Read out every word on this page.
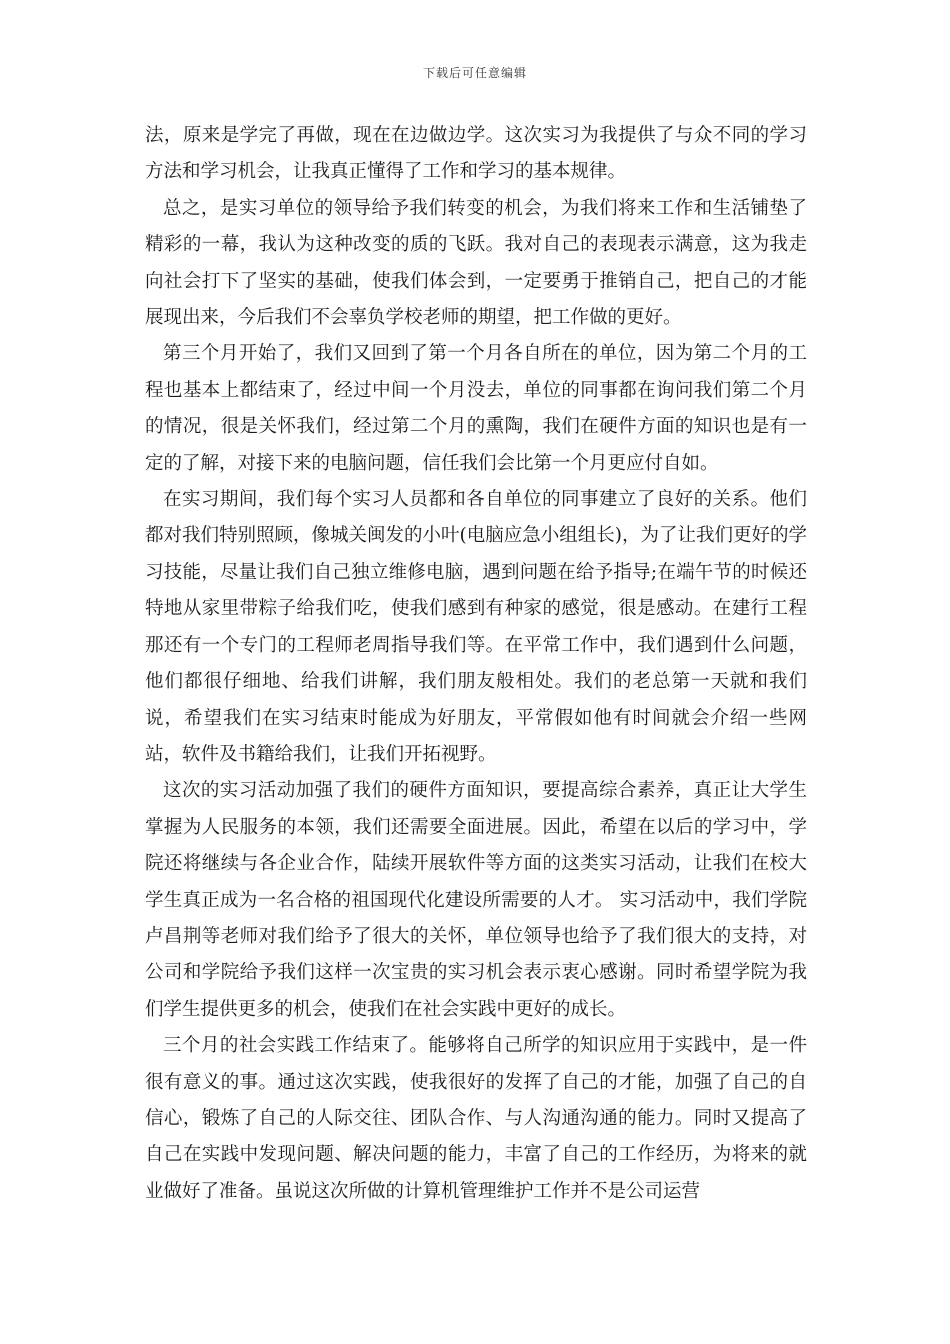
下载后可任意编辑

法，原来是学完了再做，现在在边做边学。这次实习为我提供了与众不同的学习方法和学习机会，让我真正懂得了工作和学习的基本规律。

总之，是实习单位的领导给予我们转变的机会，为我们将来工作和生活铺垫了精彩的一幕，我认为这种改变的质的飞跃。我对自己的表现表示满意，这为我走向社会打下了坚实的基础，使我们体会到，一定要勇于推销自己，把自己的才能展现出来，今后我们不会辜负学校老师的期望，把工作做的更好。

第三个月开始了，我们又回到了第一个月各自所在的单位，因为第二个月的工程也基本上都结束了，经过中间一个月没去，单位的同事都在询问我们第二个月的情况，很是关怀我们，经过第二个月的熏陶，我们在硬件方面的知识也是有一定的了解，对接下来的电脑问题，信任我们会比第一个月更应付自如。

在实习期间，我们每个实习人员都和各自单位的同事建立了良好的关系。他们都对我们特别照顾，像城关闽发的小叶(电脑应急小组组长)，为了让我们更好的学习技能，尽量让我们自己独立维修电脑，遇到问题在给予指导;在端午节的时候还特地从家里带粽子给我们吃，使我们感到有种家的感觉，很是感动。在建行工程那还有一个专门的工程师老周指导我们等。在平常工作中，我们遇到什么问题，他们都很仔细地、给我们讲解，我们朋友般相处。我们的老总第一天就和我们说，希望我们在实习结束时能成为好朋友，平常假如他有时间就会介绍一些网站，软件及书籍给我们，让我们开拓视野。

这次的实习活动加强了我们的硬件方面知识，要提高综合素养，真正让大学生掌握为人民服务的本领，我们还需要全面进展。因此，希望在以后的学习中，学院还将继续与各企业合作，陆续开展软件等方面的这类实习活动，让我们在校大学生真正成为一名合格的祖国现代化建设所需要的人才。 实习活动中，我们学院卢昌荆等老师对我们给予了很大的关怀，单位领导也给予了我们很大的支持，对公司和学院给予我们这样一次宝贵的实习机会表示衷心感谢。同时希望学院为我们学生提供更多的机会，使我们在社会实践中更好的成长。

三个月的社会实践工作结束了。能够将自己所学的知识应用于实践中，是一件很有意义的事。通过这次实践，使我很好的发挥了自己的才能，加强了自己的自信心，锻炼了自己的人际交往、团队合作、与人沟通沟通的能力。同时又提高了自己在实践中发现问题、解决问题的能力，丰富了自己的工作经历，为将来的就业做好了准备。虽说这次所做的计算机管理维护工作并不是公司运营
